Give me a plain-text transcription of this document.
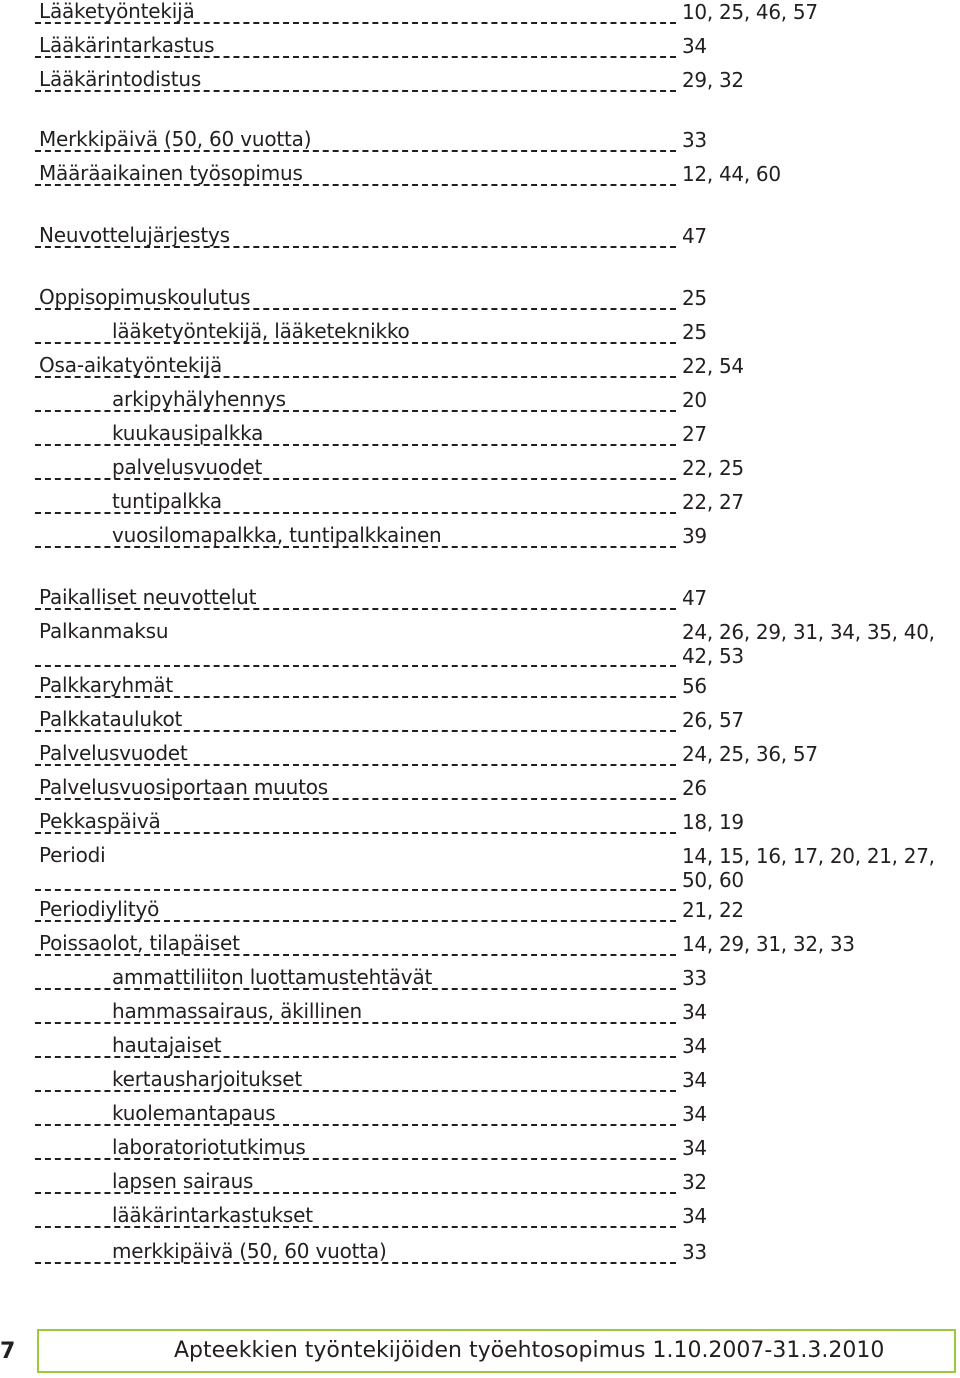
Lääketyöntekijä	10, 25, 46, 57
Lääkärintarkastus	34
Lääkärintodistus	29, 32
Merkkipäivä (50, 60 vuotta)	33
Määräaikainen työsopimus	12, 44, 60
Neuvottelujärjestys	47
Oppisopimuskoulutus	25
lääketyöntekijä, lääketeknikko	25
Osa-aikatyöntekijä	22, 54
arkipyhälyhennys	20
kuukausipalkka	27
palvelusvuodet	22, 25
tuntipalkka	22, 27
vuosilomapalkka, tuntipalkkainen	39
Paikalliset neuvottelut	47
Palkanmaksu	24, 26, 29, 31, 34, 35, 40, 42, 53
Palkkaryhmät	56
Palkkataulukot	26, 57
Palvelusvuodet	24, 25, 36, 57
Palvelusvuosiportaan muutos	26
Pekkaspäivä	18, 19
Periodi	14, 15, 16, 17, 20, 21, 27, 50, 60
Periodiylityö	21, 22
Poissaolot, tilapäiset	14, 29, 31, 32, 33
ammattiliiton luottamustehtävät	33
hammassairaus, äkillinen	34
hautajaiset	34
kertausharjoitukset	34
kuolemantapaus	34
laboratoriotutkimus	34
lapsen sairaus	32
lääkärintarkastukset	34
merkkipäivä (50, 60 vuotta)	33
7	Apteekkien työntekijöiden työehtosopimus 1.10.2007-31.3.2010
